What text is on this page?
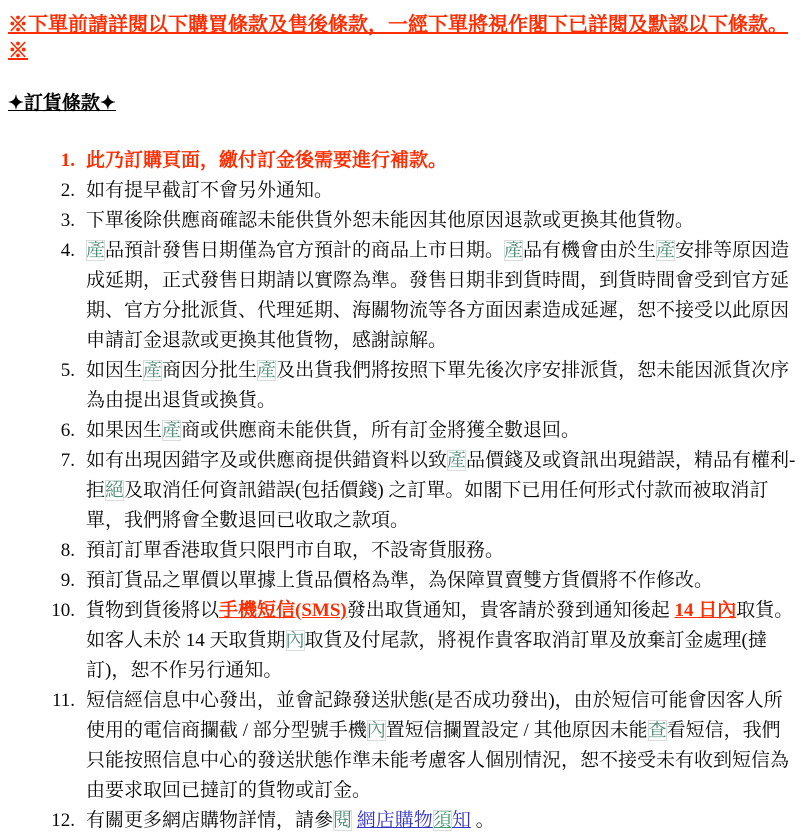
※下單前請詳閱以下購買條款及售後條款，一經下單將視作閣下已詳閱及默認以下條款。※
✦訂貨條款✦
1. 此乃訂購頁面，繳付訂金後需要進行補款。
2. 如有提早截訂不會另外通知。
3. 下單後除供應商確認未能供貨外恕未能因其他原因退款或更換其他貨物。
4. 產品預計發售日期僅為官方預計的商品上市日期。產品有機會由於生產安排等原因造成延期，正式發售日期請以實際為準。發售日期非到貨時間，到貨時間會受到官方延期、官方分批派貨、代理延期、海關物流等各方面因素造成延遲，恕不接受以此原因申請訂金退款或更換其他貨物，感謝諒解。
5. 如因生產商因分批生產及出貨我們將按照下單先後次序安排派貨，恕未能因派貨次序為由提出退貨或換貨。
6. 如果因生產商或供應商未能供貨，所有訂金將獲全數退回。
7. 如有出現因錯字及或供應商提供錯資料以致產品價錢及或資訊出現錯誤，精品有權利-拒絕及取消任何資訊錯誤(包括價錢) 之訂單。如閣下已用任何形式付款而被取消訂單，我們將會全數退回已收取之款項。
8. 預訂訂單香港取貨只限門市自取，不設寄貨服務。
9. 預訂貨品之單價以單據上貨品價格為準，為保障買賣雙方貨價將不作修改。
10. 貨物到貨後將以手機短信(SMS)發出取貨通知，貴客請於發到通知後起 14 日內取貨。如客人未於 14 天取貨期內取貨及付尾款，將視作貴客取消訂單及放棄訂金處理(撻訂)，恕不作另行通知。
11. 短信經信息中心發出，並會記錄發送狀態(是否成功發出)，由於短信可能會因客人所使用的電信商攔截 / 部分型號手機內置短信攔置設定 / 其他原因未能查看短信，我們只能按照信息中心的發送狀態作準未能考慮客人個別情況，恕不接受未有收到短信為由要求取回已撻訂的貨物或訂金。
12. 有關更多網店購物詳情，請參閱 網店購物須知 。
